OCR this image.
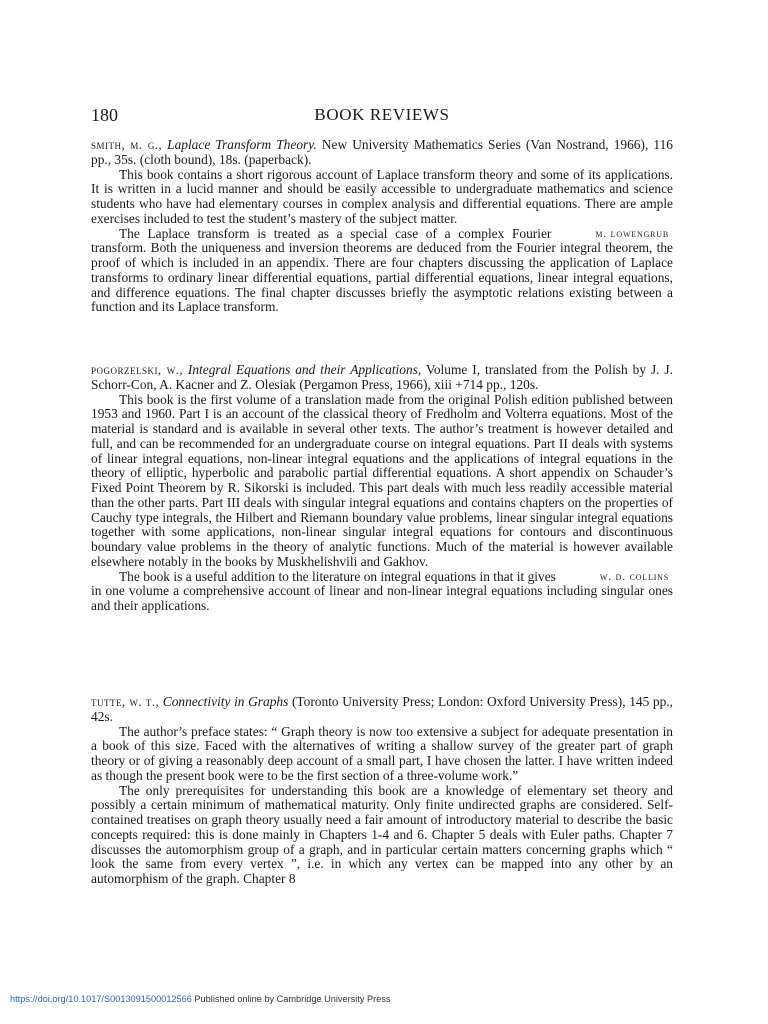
180	BOOK REVIEWS

smith, m. g., Laplace Transform Theory. New University Mathematics Series (Van Nostrand, 1966), 116 pp., 35s. (cloth bound), 18s. (paperback).

This book contains a short rigorous account of Laplace transform theory and some of its applications. It is written in a lucid manner and should be easily accessible to undergraduate mathematics and science students who have had elementary courses in complex analysis and differential equations. There are ample exercises included to test the student’s mastery of the subject matter.

m. lowengrub
The Laplace transform is treated as a special case of a complex Fourier transform. Both the uniqueness and inversion theorems are deduced from the Fourier integral theorem, the proof of which is included in an appendix. There are four chapters discussing the application of Laplace transforms to ordinary linear differential equations, partial differential equations, linear integral equations, and difference equations. The final chapter discusses briefly the asymptotic relations existing between a function and its Laplace transform.

pogorzelski, w., Integral Equations and their Applications, Volume I, translated from the Polish by J. J. Schorr-Con, A. Kacner and Z. Olesiak (Pergamon Press, 1966), xiii +714 pp., 120s.

This book is the first volume of a translation made from the original Polish edition published between 1953 and 1960. Part I is an account of the classical theory of Fredholm and Volterra equations. Most of the material is standard and is available in several other texts. The author’s treatment is however detailed and full, and can be recommended for an undergraduate course on integral equations. Part II deals with systems of linear integral equations, non-linear integral equations and the applications of integral equations in the theory of elliptic, hyperbolic and parabolic partial differential equations. A short appendix on Schauder’s Fixed Point Theorem by R. Sikorski is included. This part deals with much less readily accessible material than the other parts. Part III deals with singular integral equations and contains chapters on the properties of Cauchy type integrals, the Hilbert and Riemann boundary value problems, linear singular integral equations together with some applications, non-linear singular integral equations for contours and discontinuous boundary value problems in the theory of analytic functions. Much of the material is however available elsewhere notably in the books by Muskhelishvili and Gakhov.

w. d. collins
The book is a useful addition to the literature on integral equations in that it gives in one volume a comprehensive account of linear and non-linear integral equations including singular ones and their applications.

tutte, w. t., Connectivity in Graphs (Toronto University Press; London: Oxford University Press), 145 pp., 42s.

The author’s preface states: “ Graph theory is now too extensive a subject for adequate presentation in a book of this size. Faced with the alternatives of writing a shallow survey of the greater part of graph theory or of giving a reasonably deep account of a small part, I have chosen the latter. I have written indeed as though the present book were to be the first section of a three-volume work.”

The only prerequisites for understanding this book are a knowledge of elementary set theory and possibly a certain minimum of mathematical maturity. Only finite undirected graphs are considered. Self-contained treatises on graph theory usually need a fair amount of introductory material to describe the basic concepts required: this is done mainly in Chapters 1-4 and 6. Chapter 5 deals with Euler paths. Chapter 7 discusses the automorphism group of a graph, and in particular certain matters concerning graphs which “ look the same from every vertex ”, i.e. in which any vertex can be mapped into any other by an automorphism of the graph. Chapter 8

https://doi.org/10.1017/S0013091500012566 Published online by Cambridge University Press
